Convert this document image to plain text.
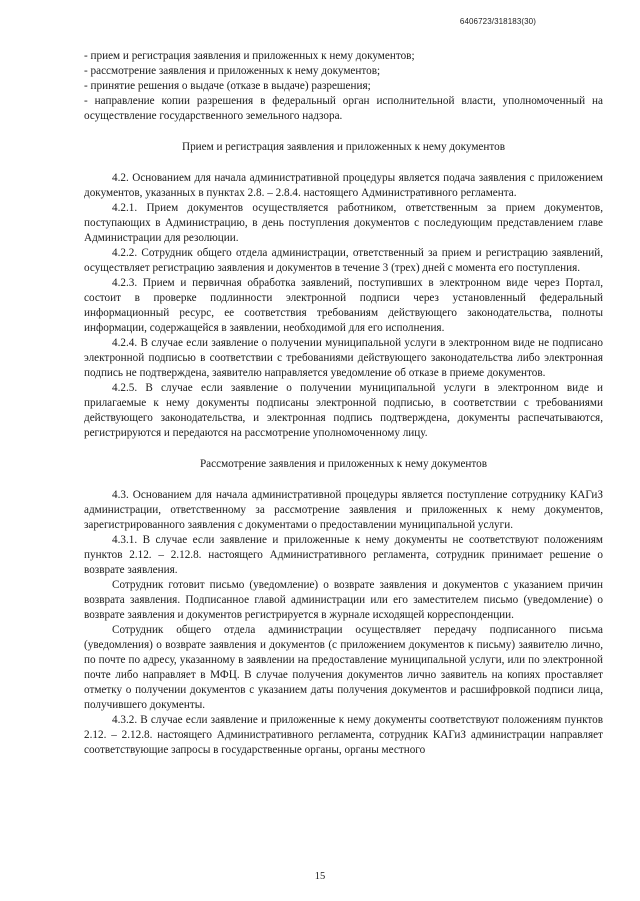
6406723/318183(30)

- прием и регистрация заявления и приложенных к нему документов;

- рассмотрение заявления и приложенных к нему документов;

- принятие решения о выдаче (отказе в выдаче) разрешения;

- направление копии разрешения в федеральный орган исполнительной власти, уполномоченный на осуществление государственного земельного надзора.

Прием и регистрация заявления и приложенных к нему документов

4.2. Основанием для начала административной процедуры является подача заявления с приложением документов, указанных в пунктах 2.8. – 2.8.4. настоящего Административного регламента.

4.2.1. Прием документов осуществляется работником, ответственным за прием документов, поступающих в Администрацию, в день поступления документов с последующим представлением главе Администрации для резолюции.

4.2.2. Сотрудник общего отдела администрации, ответственный за прием и регистрацию заявлений, осуществляет регистрацию заявления и документов в течение 3 (трех) дней с момента его поступления.

4.2.3. Прием и первичная обработка заявлений, поступивших в электронном виде через Портал, состоит в проверке подлинности электронной подписи через установленный федеральный информационный ресурс, ее соответствия требованиям действующего законодательства, полноты информации, содержащейся в заявлении, необходимой для его исполнения.

4.2.4. В случае если заявление о получении муниципальной услуги в электронном виде не подписано электронной подписью в соответствии с требованиями действующего законодательства либо электронная подпись не подтверждена, заявителю направляется уведомление об отказе в приеме документов.

4.2.5. В случае если заявление о получении муниципальной услуги в электронном виде и прилагаемые к нему документы подписаны электронной подписью, в соответствии с требованиями действующего законодательства, и электронная подпись подтверждена, документы распечатываются, регистрируются и передаются на рассмотрение уполномоченному лицу.

Рассмотрение заявления и приложенных к нему документов

4.3. Основанием для начала административной процедуры является поступление сотруднику КАГиЗ администрации, ответственному за рассмотрение заявления и приложенных к нему документов, зарегистрированного заявления с документами о предоставлении муниципальной услуги.

4.3.1. В случае если заявление и приложенные к нему документы не соответствуют положениям пунктов 2.12. – 2.12.8. настоящего Административного регламента, сотрудник принимает решение о возврате заявления.

Сотрудник готовит письмо (уведомление) о возврате заявления и документов с указанием причин возврата заявления. Подписанное главой администрации или его заместителем письмо (уведомление) о возврате заявления и документов регистрируется в журнале исходящей корреспонденции.

Сотрудник общего отдела администрации осуществляет передачу подписанного письма (уведомления) о возврате заявления и документов (с приложением документов к письму) заявителю лично, по почте по адресу, указанному в заявлении на предоставление муниципальной услуги, или по электронной почте либо направляет в МФЦ. В случае получения документов лично заявитель на копиях проставляет отметку о получении документов с указанием даты получения документов и расшифровкой подписи лица, получившего документы.

4.3.2. В случае если заявление и приложенные к нему документы соответствуют положениям пунктов 2.12. – 2.12.8. настоящего Административного регламента, сотрудник КАГиЗ администрации направляет соответствующие запросы в государственные органы, органы местного

15
